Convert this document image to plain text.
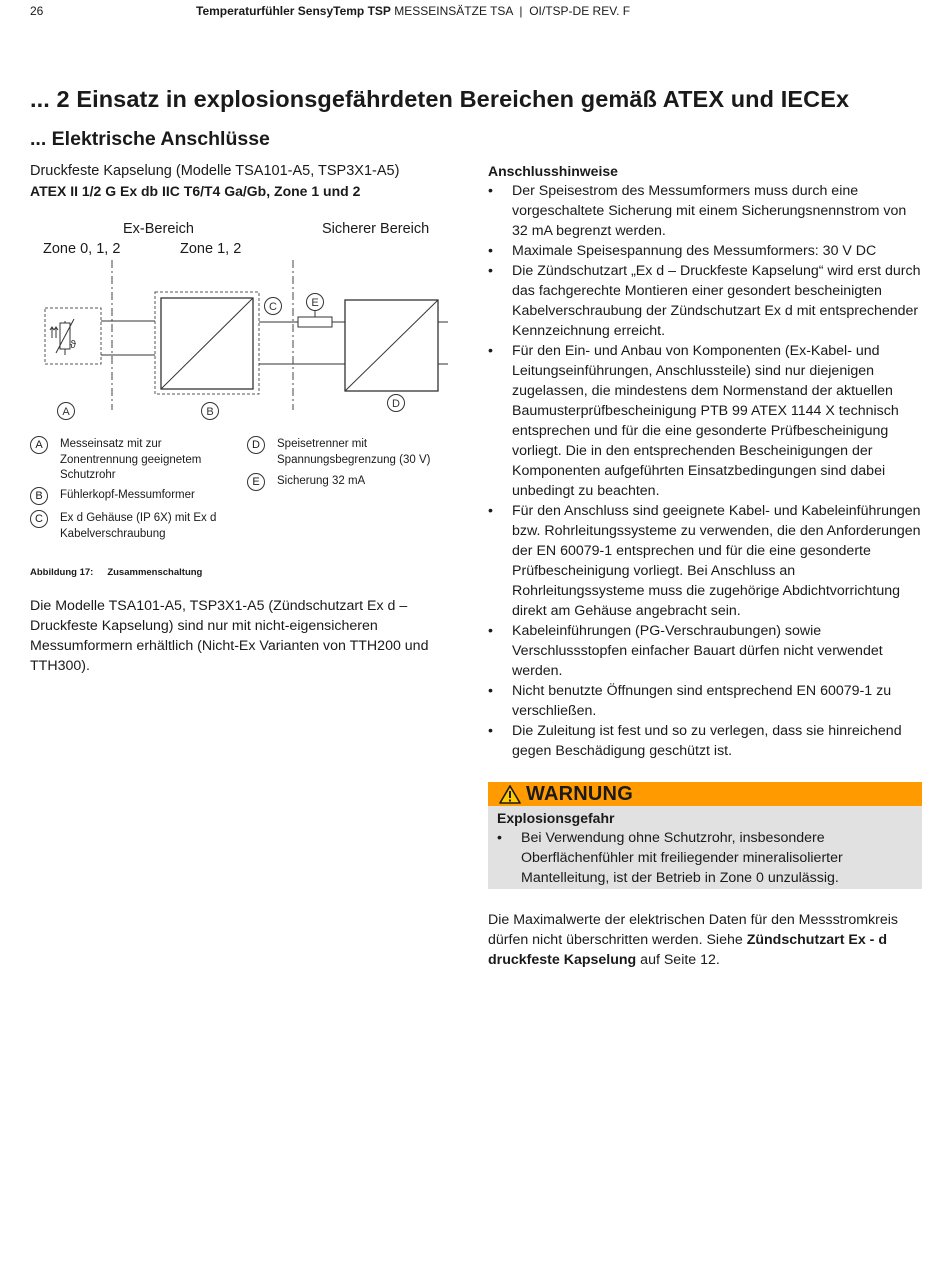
26	Temperaturfühler SensyTemp TSP MESSEINSÄTZE TSA  |  OI/TSP-DE REV. F
... 2 Einsatz in explosionsgefährdeten Bereichen gemäß ATEX und IECEx
... Elektrische Anschlüsse

Druckfeste Kapselung (Modelle TSA101-A5, TSP3X1-A5)

ATEX II 1/2 G Ex db IIC T6/T4 Ga/Gb, Zone 1 und 2

Ex-Bereich	Sicherer Bereich
Zone 0, 1, 2	Zone 1, 2
ϑ
A	B
C
D
E
A	Messeinsatz mit zur
Zonentrennung geeignetem
Schutzrohr
B	Fühlerkopf-Messumformer
C	Ex d Gehäuse (IP 6X) mit Ex d
Kabelverschraubung
D	Speisetrenner mit
Spannungsbegrenzung (30 V)
E	Sicherung 32 mA
Abbildung 17: Zusammenschaltung

Die Modelle TSA101-A5, TSP3X1-A5 (Zündschutzart Ex d – Druckfeste Kapselung) sind nur mit nicht-eigensicheren Messumformern erhältlich (Nicht-Ex Varianten von TTH200 und TTH300).

Anschlusshinweise

• Der Speisestrom des Messumformers muss durch eine vorgeschaltete Sicherung mit einem Sicherungsnennstrom von 32 mA begrenzt werden.
• Maximale Speisespannung des Messumformers: 30 V DC
• Die Zündschutzart „Ex d – Druckfeste Kapselung“ wird erst durch das fachgerechte Montieren einer gesondert bescheinigten Kabelverschraubung der Zündschutzart Ex d mit entsprechender Kennzeichnung erreicht.
• Für den Ein- und Anbau von Komponenten (Ex-Kabel- und Leitungseinführungen, Anschlussteile) sind nur diejenigen zugelassen, die mindestens dem Normenstand der aktuellen Baumusterprüfbescheinigung PTB 99 ATEX 1144 X technisch entsprechen und für die eine gesonderte Prüfbescheinigung vorliegt. Die in den entsprechenden Bescheinigungen der Komponenten aufgeführten Einsatzbedingungen sind dabei unbedingt zu beachten.
• Für den Anschluss sind geeignete Kabel- und Kabeleinführungen bzw. Rohrleitungssysteme zu verwenden, die den Anforderungen der EN 60079-1 entsprechen und für die eine gesonderte Prüfbescheinigung vorliegt. Bei Anschluss an Rohrleitungssysteme muss die zugehörige Abdichtvorrichtung direkt am Gehäuse angebracht sein.
• Kabeleinführungen (PG-Verschraubungen) sowie Verschlussstopfen einfacher Bauart dürfen nicht verwendet werden.
• Nicht benutzte Öffnungen sind entsprechend EN 60079-1 zu verschließen.
• Die Zuleitung ist fest und so zu verlegen, dass sie hinreichend gegen Beschädigung geschützt ist.
WARNUNG

Explosionsgefahr

• Bei Verwendung ohne Schutzrohr, insbesondere Oberflächenfühler mit freiliegender mineralisolierter Mantelleitung, ist der Betrieb in Zone 0 unzulässig.

Die Maximalwerte der elektrischen Daten für den Messstromkreis dürfen nicht überschritten werden. Siehe Zündschutzart Ex - d druckfeste Kapselung auf Seite 12.
